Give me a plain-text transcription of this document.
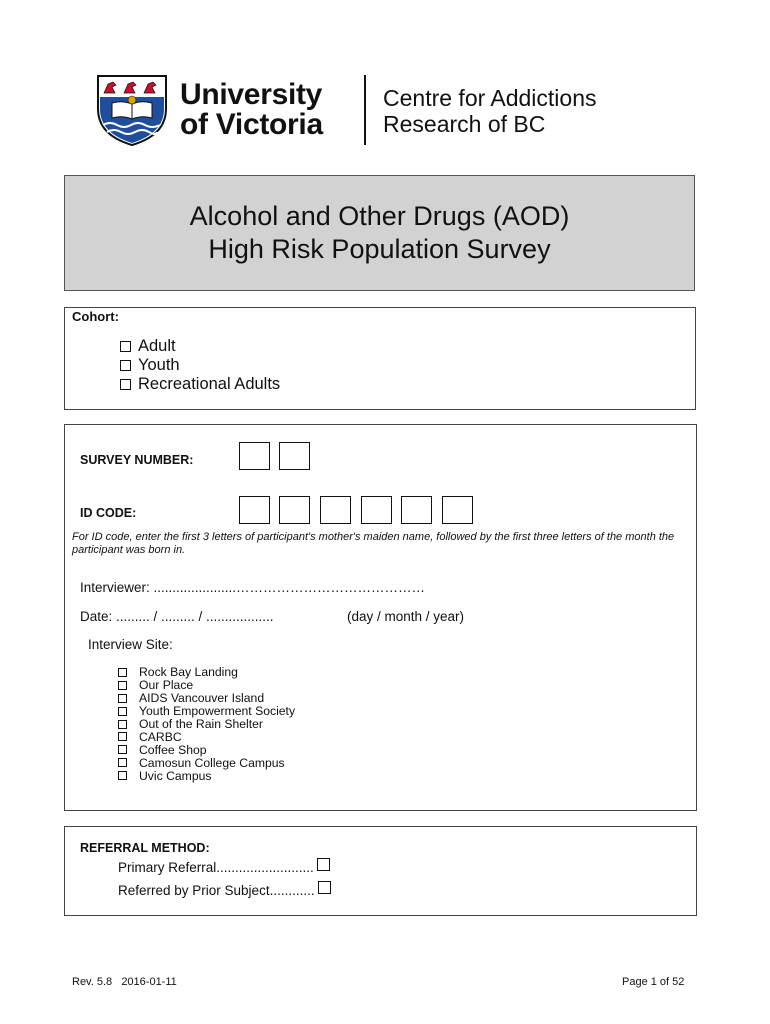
University
of Victoria
Centre for Addictions
Research of BC
Alcohol and Other Drugs (AOD)
High Risk Population Survey
Cohort:
Adult
Youth
Recreational Adults
SURVEY NUMBER:
ID CODE:
For ID code, enter the first 3 letters of participant's mother's maiden name, followed by the first three letters of the month the participant was born in.
Interviewer: ......................……………………………………
Date: ......... / ......... / ..................	(day / month / year)
Interview Site:
Rock Bay Landing
Our Place
AIDS Vancouver Island
Youth Empowerment Society
Out of the Rain Shelter
CARBC
Coffee Shop
Camosun College Campus
Uvic Campus
REFERRAL METHOD:
Primary Referral..........................
Referred by Prior Subject............
Rev. 5.8   2016-01-11	Page 1 of 52
